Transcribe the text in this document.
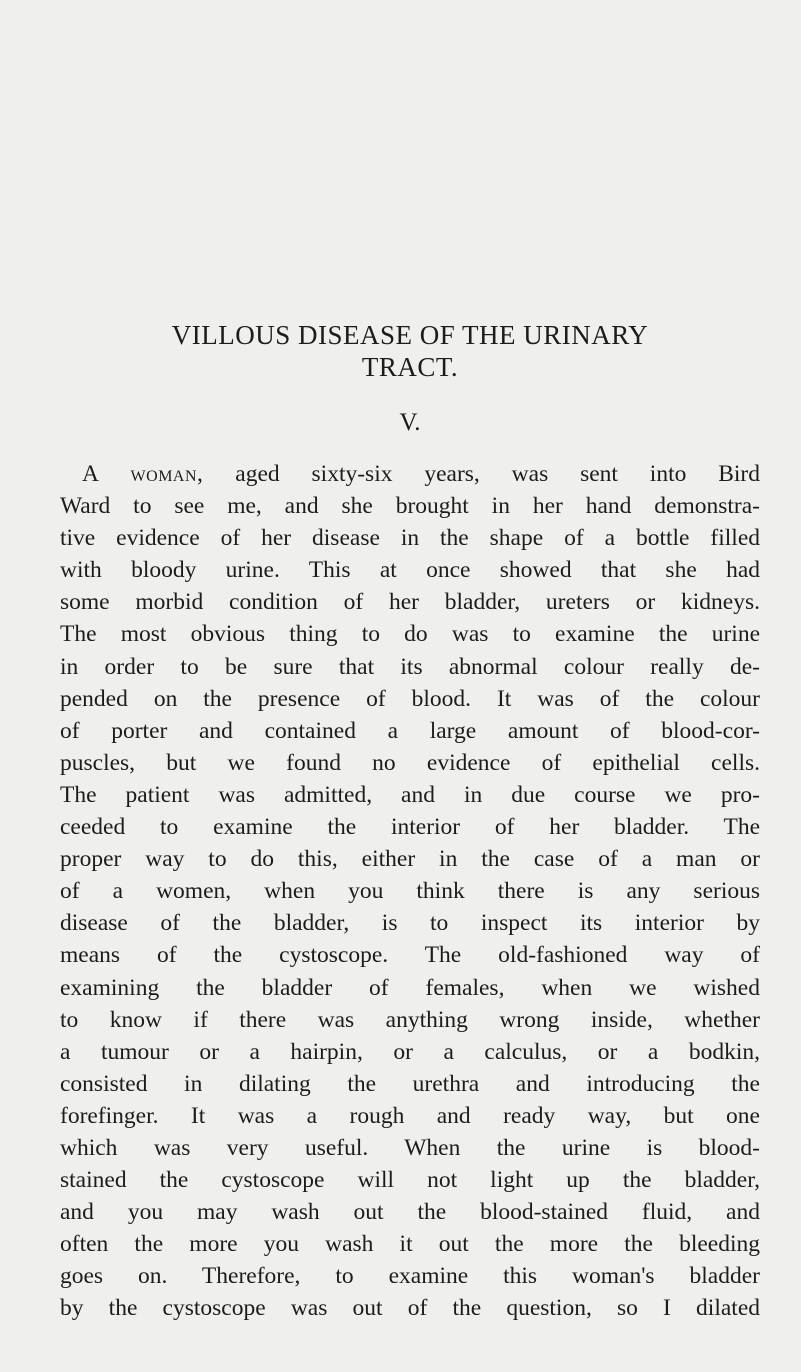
VILLOUS DISEASE OF THE URINARY
TRACT.
V.
A woman, aged sixty-six years, was sent into Bird
Ward to see me, and she brought in her hand demonstra-
tive evidence of her disease in the shape of a bottle filled
with bloody urine. This at once showed that she had
some morbid condition of her bladder, ureters or kidneys.
The most obvious thing to do was to examine the urine
in order to be sure that its abnormal colour really de-
pended on the presence of blood. It was of the colour
of porter and contained a large amount of blood-cor-
puscles, but we found no evidence of epithelial cells.
The patient was admitted, and in due course we pro-
ceeded to examine the interior of her bladder. The
proper way to do this, either in the case of a man or
of a women, when you think there is any serious
disease of the bladder, is to inspect its interior by
means of the cystoscope. The old-fashioned way of
examining the bladder of females, when we wished
to know if there was anything wrong inside, whether
a tumour or a hairpin, or a calculus, or a bodkin,
consisted in dilating the urethra and introducing the
forefinger. It was a rough and ready way, but one
which was very useful. When the urine is blood-
stained the cystoscope will not light up the bladder,
and you may wash out the blood-stained fluid, and
often the more you wash it out the more the bleeding
goes on. Therefore, to examine this woman's bladder
by the cystoscope was out of the question, so I dilated
